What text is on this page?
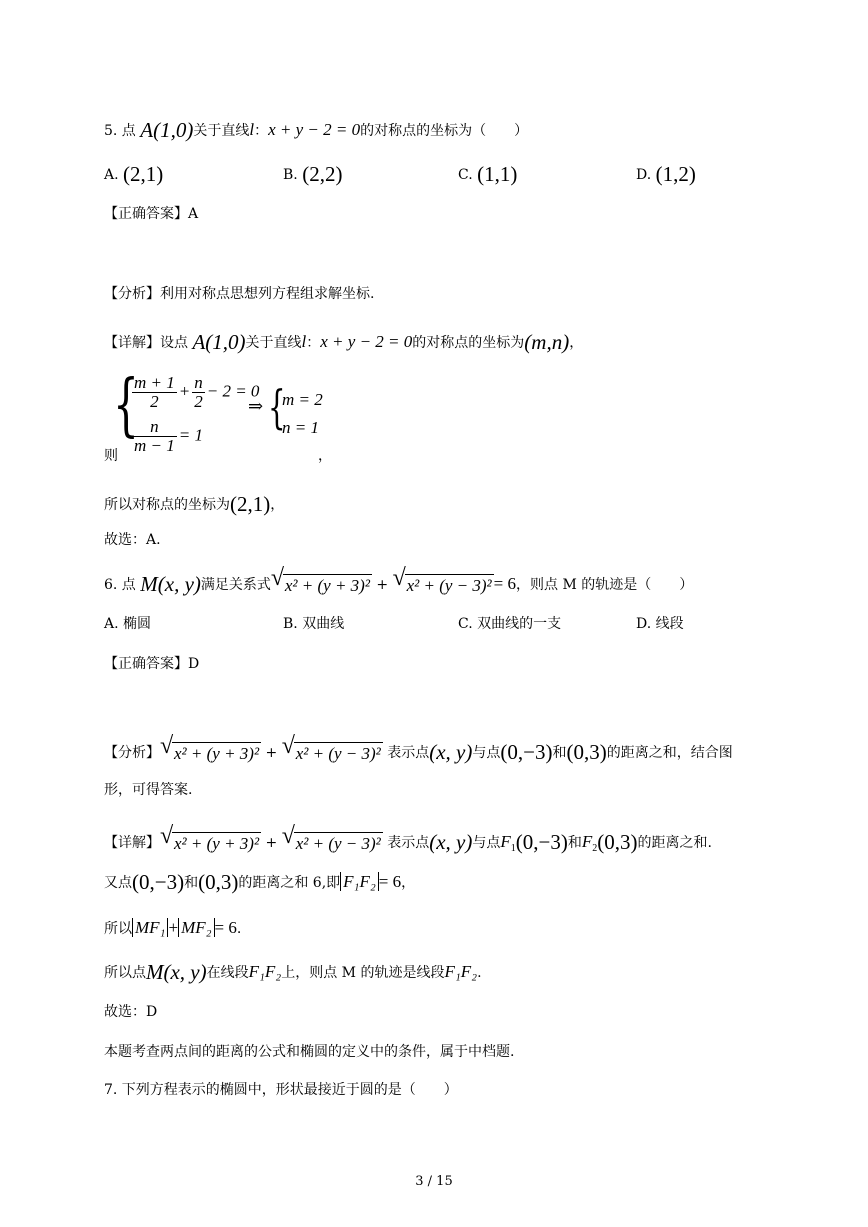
5. 点 A(1,0)关于直线l：x + y − 2 = 0的对称点的坐标为（　　）
A. (2,1)	B. (2,2)	C. (1,1)	D. (1,2)
【正确答案】A
【分析】利用对称点思想列方程组求解坐标.
【详解】设点 A(1,0)关于直线l：x + y − 2 = 0的对称点的坐标为(m,n)，
{
$\frac{m + 1}{2} + \frac{n}{2} - 2 = 0$
$\frac{n}{m - 1} = 1$
⇒ {
m = 2
n = 1
则	，
所以对称点的坐标为(2,1)，
故选：A.
6. 点 M(x, y)满足关系式 √ x² + (y + 3)² + √ x² + (y − 3)² = 6，则点 M 的轨迹是（　　）
A. 椭圆	B. 双曲线	C. 双曲线的一支	D. 线段
【正确答案】D
【分析】 √ x² + (y + 3)² + √ x² + (y − 3)² 表示点(x, y)与点(0,−3)和(0,3)的距离之和，结合图
形，可得答案.
【详解】 √ x² + (y + 3)² + √ x² + (y − 3)² 表示点(x, y)与点$F_1(0,-3)$和$F_2(0,3)$的距离之和.
又点(0,−3)和(0,3)的距离之和 6,即 F₁F₂ = 6，
所以 MF₁ + MF₂ = 6.
所以点M(x, y)在线段F₁F₂上，则点 M 的轨迹是线段F₁F₂.
故选：D
本题考查两点间的距离的公式和椭圆的定义中的条件，属于中档题.
7. 下列方程表示的椭圆中，形状最接近于圆的是（　　）
3 / 15
